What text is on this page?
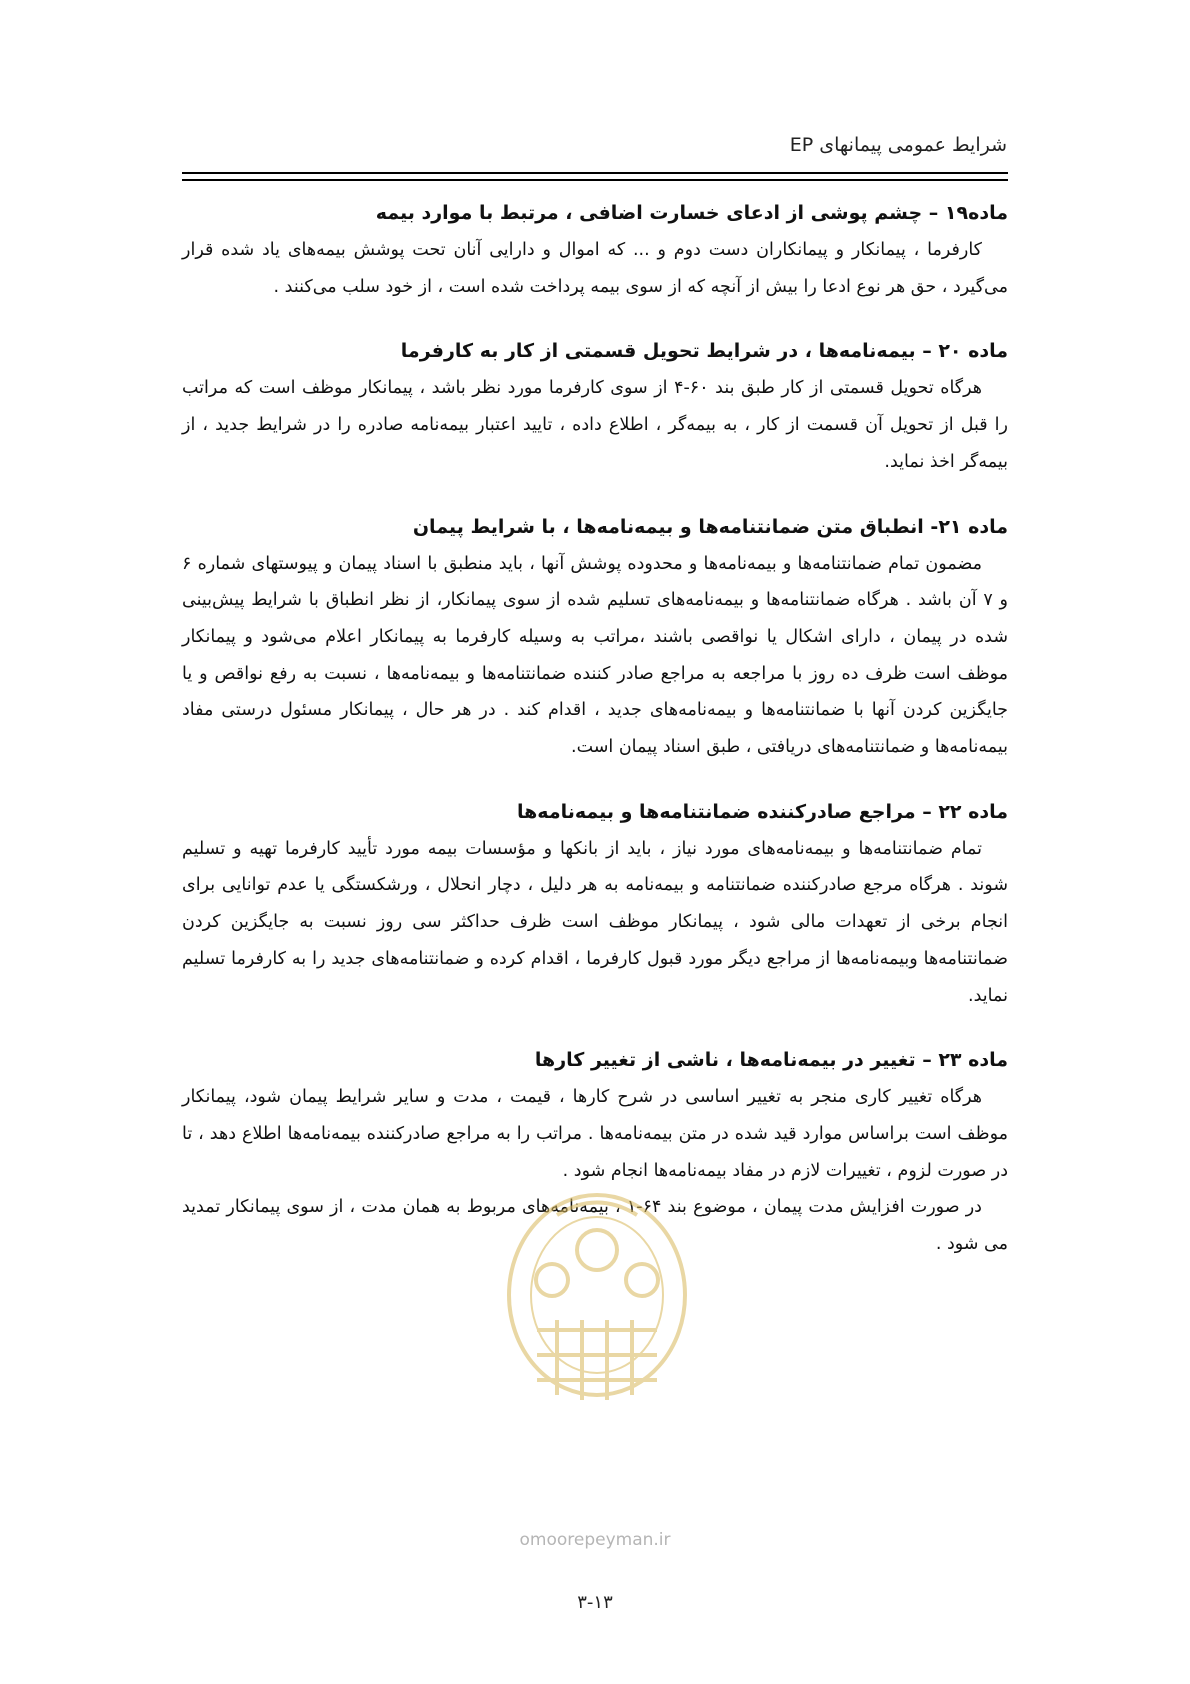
شرایط عمومی پیمانهای EP
ماده۱۹ – چشم پوشی از ادعای خسارت اضافی ، مرتبط با موارد بیمه

کارفرما ، پیمانکار و پیمانکاران دست دوم و ... که اموال و دارایی آنان تحت پوشش بیمه‌های یاد شده قرار می‌گیرد ، حق هر نوع ادعا را بیش از آنچه که از سوی بیمه پرداخت شده است ، از خود سلب می‌کنند .

ماده ۲۰ – بیمه‌نامه‌ها ، در شرایط تحویل قسمتی از کار به کارفرما

هرگاه تحویل قسمتی از کار طبق بند ۶۰-۴ از سوی کارفرما مورد نظر باشد ، پیمانکار موظف است که مراتب را قبل از تحویل آن قسمت از کار ، به بیمه‌گر ، اطلاع داده ، تایید اعتبار بیمه‌نامه صادره را در شرایط جدید ، از بیمه‌گر اخذ نماید.

ماده ۲۱- انطباق متن ضمانتنامه‌ها و بیمه‌نامه‌ها ، با شرایط پیمان

مضمون تمام ضمانتنامه‌ها و بیمه‌نامه‌ها و محدوده پوشش آنها ، باید منطبق با اسناد پیمان و پیوستهای شماره ۶ و ۷ آن باشد . هرگاه ضمانتنامه‌ها و بیمه‌نامه‌های تسلیم شده از سوی پیمانکار، از نظر انطباق با شرایط پیش‌بینی شده در پیمان ، دارای اشکال یا نواقصی باشند ،مراتب به وسیله کارفرما به پیمانکار اعلام می‌شود و پیمانکار موظف است ظرف ده روز با مراجعه به مراجع صادر کننده ضمانتنامه‌ها و بیمه‌نامه‌ها ، نسبت به رفع نواقص و یا جایگزین کردن آنها با ضمانتنامه‌ها و بیمه‌نامه‌های جدید ، اقدام کند . در هر حال ، پیمانکار مسئول درستی مفاد بیمه‌نامه‌ها و ضمانتنامه‌های دریافتی ، طبق اسناد پیمان است.

ماده ۲۲ – مراجع صادرکننده ضمانتنامه‌ها و بیمه‌نامه‌ها

تمام ضمانتنامه‌ها و بیمه‌نامه‌های مورد نیاز ، باید از بانکها و مؤسسات بیمه مورد تأیید کارفرما تهیه و تسلیم شوند . هرگاه مرجع صادرکننده ضمانتنامه و بیمه‌نامه به هر دلیل ، دچار انحلال ، ورشکستگی یا عدم توانایی برای انجام برخی از تعهدات مالی شود ، پیمانکار موظف است ظرف حداکثر سی روز نسبت به جایگزین کردن ضمانتنامه‌ها وبیمه‌نامه‌ها از مراجع دیگر مورد قبول کارفرما ، اقدام کرده و ضمانتنامه‌های جدید را به کارفرما تسلیم نماید.

ماده ۲۳ – تغییر در بیمه‌نامه‌ها ، ناشی از تغییر کارها

هرگاه تغییر کاری منجر به تغییر اساسی در شرح کارها ، قیمت ، مدت و سایر شرایط پیمان شود، پیمانکار موظف است براساس موارد قید شده در متن بیمه‌نامه‌ها . مراتب را به مراجع صادرکننده بیمه‌نامه‌ها اطلاع دهد ، تا در صورت لزوم ، تغییرات لازم در مفاد بیمه‌نامه‌ها انجام شود .

در صورت افزایش مدت پیمان ، موضوع بند ۶۴-۱ ، بیمه‌نامه‌های مربوط به همان مدت ، از سوی پیمانکار تمدید می شود .

omoorepeyman.ir
۳-۱۳
